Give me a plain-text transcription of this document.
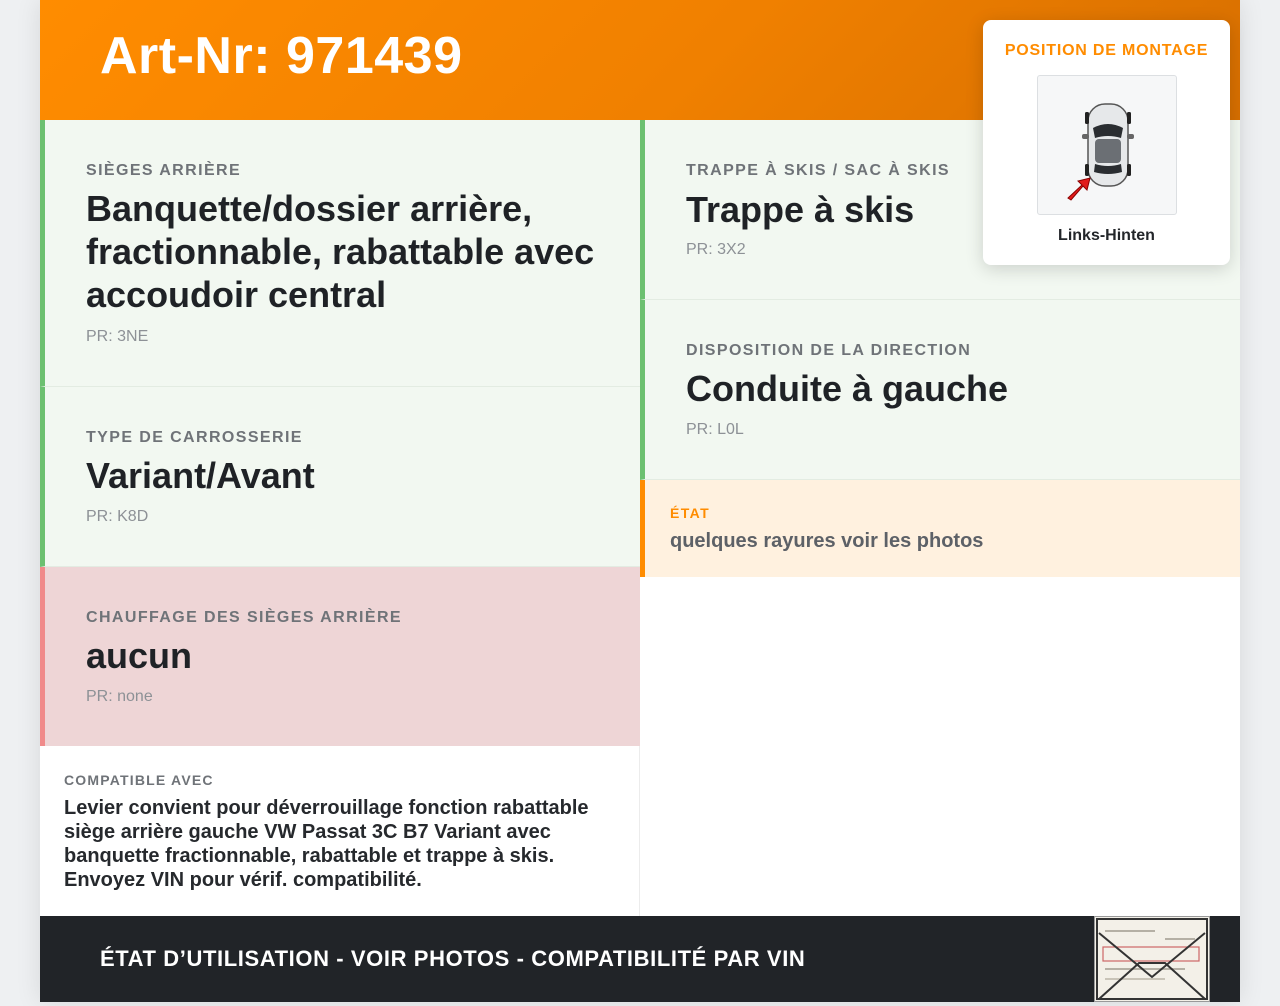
Art-Nr: 971439
SIÈGES ARRIÈRE
Banquette/dossier arrière, fractionnable, rabattable avec accoudoir central
PR: 3NE
TYPE DE CARROSSERIE
Variant/Avant
PR: K8D
CHAUFFAGE DES SIÈGES ARRIÈRE
aucun
PR: none
TRAPPE À SKIS / SAC À SKIS
Trappe à skis
PR: 3X2
DISPOSITION DE LA DIRECTION
Conduite à gauche
PR: L0L
ÉTAT
quelques rayures voir les photos
COMPATIBLE AVEC
Levier convient pour déverrouillage fonction rabattable siège arrière gauche VW Passat 3C B7 Variant avec banquette fractionnable, rabattable et trappe à skis. Envoyez VIN pour vérif. compatibilité.
ÉTAT D’UTILISATION - VOIR PHOTOS - COMPATIBILITÉ PAR VIN
POSITION DE MONTAGE
Links-Hinten
